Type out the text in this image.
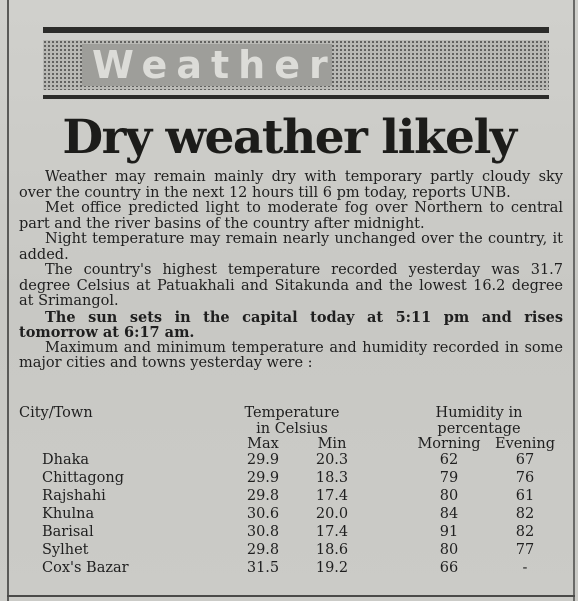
Weather
Dry weather likely

Weather may remain mainly dry with temporary partly cloudy sky over the country in the next 12 hours till 6 pm today, reports UNB.

Met office predicted light to moderate fog over Northern to central part and the river basins of the country after midnight.

Night temperature may remain nearly unchanged over the country, it added.

The country's highest temperature recorded yesterday was 31.7 degree Celsius at Patuakhali and Sitakunda and the lowest 16.2 degree at Srimangol.

The sun sets in the capital today at 5:11 pm and rises tomorrow at 6:17 am.

Maximum and minimum temperature and humidity recorded in some major cities and towns yesterday were :

City/Town	Temperature
in Celsius
Humidity in
percentage
Max	Min	Morning Evening
Dhaka	29.9	20.3	62	67
Chittagong	29.9	18.3	79	76
Rajshahi	29.8	17.4	80	61
Khulna	30.6	20.0	84	82
Barisal	30.8	17.4	91	82
Sylhet	29.8	18.6	80	77
Cox's Bazar	31.5	19.2	66	-
